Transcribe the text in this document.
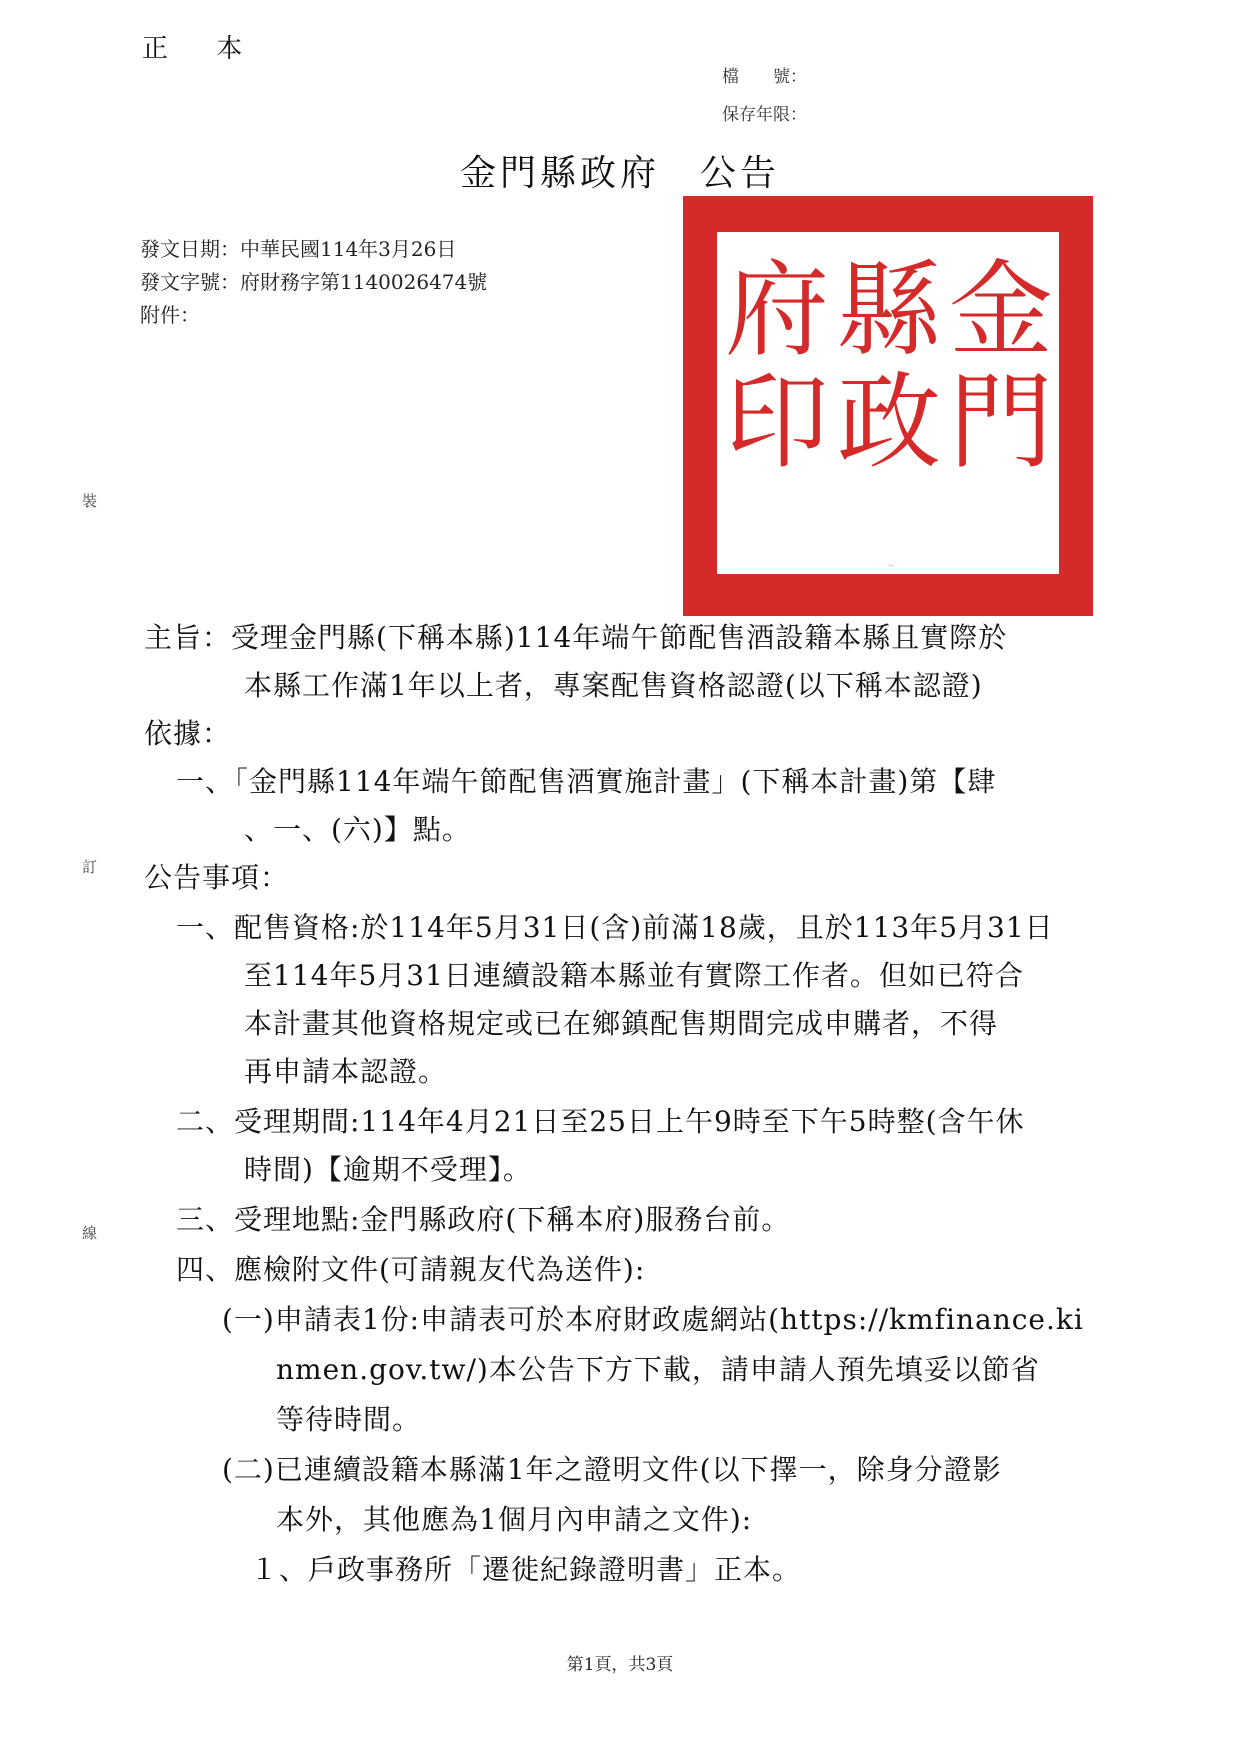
正 本
檔　　號：
保存年限：
金門縣政府　公告
發文日期：中華民國114年3月26日
發文字號：府財務字第1140026474號
附件：
裝
訂
線
金
門
縣
政
府
印
金門縣政府印
主旨：受理金門縣(下稱本縣)114年端午節配售酒設籍本縣且實際於
本縣工作滿1年以上者，專案配售資格認證(以下稱本認證)
依據：
一、「金門縣114年端午節配售酒實施計畫」(下稱本計畫)第【肆
、一、(六)】點。
公告事項：
一、配售資格:於114年5月31日(含)前滿18歲，且於113年5月31日
至114年5月31日連續設籍本縣並有實際工作者。但如已符合
本計畫其他資格規定或已在鄉鎮配售期間完成申購者，不得
再申請本認證。
二、受理期間:114年4月21日至25日上午9時至下午5時整(含午休
時間)【逾期不受理】。
三、受理地點:金門縣政府(下稱本府)服務台前。
四、應檢附文件(可請親友代為送件):
(一)申請表1份:申請表可於本府財政處網站(https://kmfinance.ki
nmen.gov.tw/)本公告下方下載，請申請人預先填妥以節省
等待時間。
(二)已連續設籍本縣滿1年之證明文件(以下擇一，除身分證影
本外，其他應為1個月內申請之文件):
１、戶政事務所「遷徙紀錄證明書」正本。
第1頁，共3頁
